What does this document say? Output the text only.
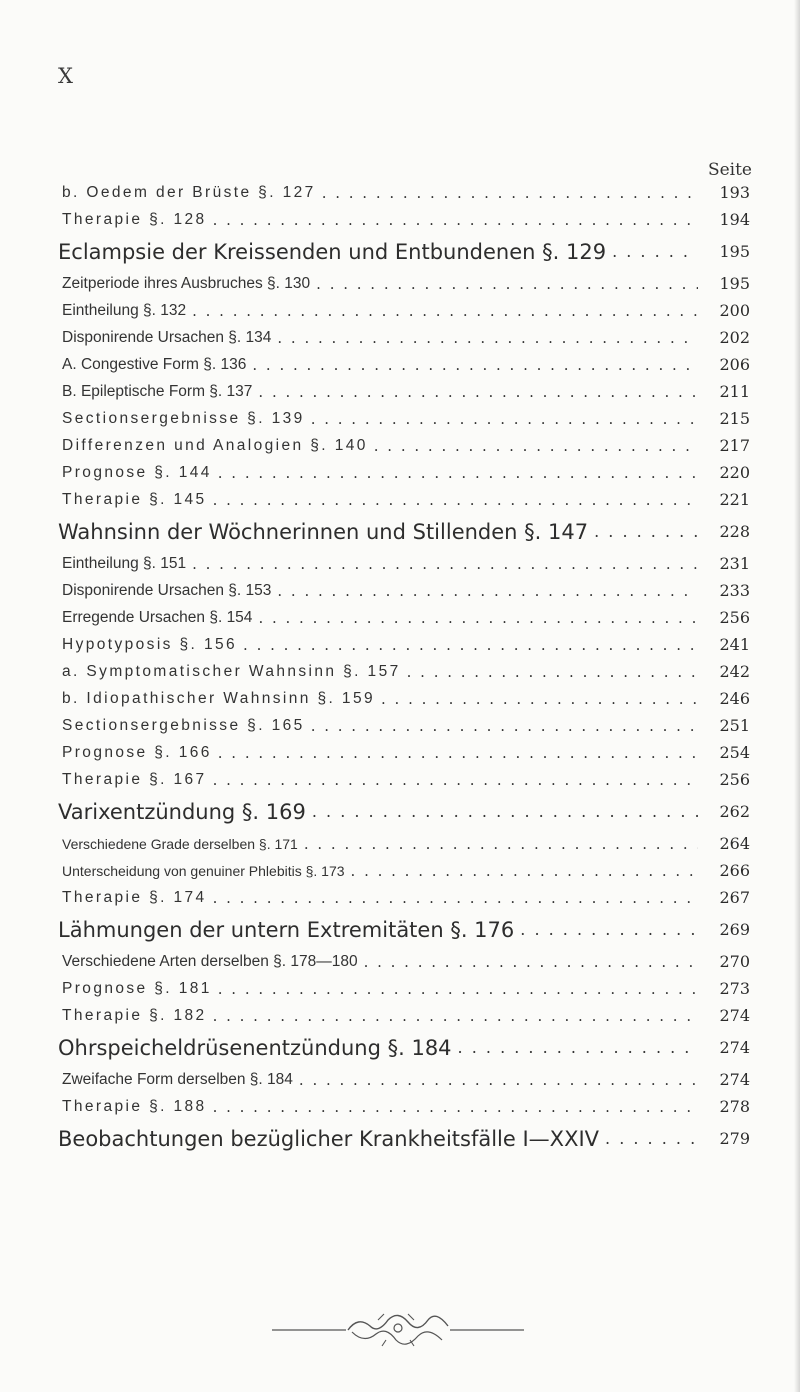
X
Seite
b. Oedem der Brüste §. 127 . . .	193
Therapie §. 128 . . .	194
Eclampsie der Kreissenden und Entbundenen §. 129 . . .	195
Zeitperiode ihres Ausbruches §. 130 . . .	195
Eintheilung §. 132 . . .	200
Disponirende Ursachen §. 134 . . .	202
A. Congestive Form §. 136 . . .	206
B. Epileptische Form §. 137 . . .	211
Sectionsergebnisse §. 139 . . .	215
Differenzen und Analogien §. 140 . . .	217
Prognose §. 144 . . .	220
Therapie §. 145 . . .	221
Wahnsinn der Wöchnerinnen und Stillenden §. 147 . . .	228
Eintheilung §. 151 . . .	231
Disponirende Ursachen §. 153 . . .	233
Erregende Ursachen §. 154 . . .	256
Hypotyposis §. 156 . . .	241
a. Symptomatischer Wahnsinn §. 157 . . .	242
b. Idiopathischer Wahnsinn §. 159 . . .	246
Sectionsergebnisse §. 165 . . .	251
Prognose §. 166 . . .	254
Therapie §. 167 . . .	256
Varixentzündung §. 169 . . .	262
Verschiedene Grade derselben §. 171 . . .	264
Unterscheidung von genuiner Phlebitis §. 173 . . .	266
Therapie §. 174 . . .	267
Lähmungen der untern Extremitäten §. 176 . . .	269
Verschiedene Arten derselben §. 178—180 . . .	270
Prognose §. 181 . . .	273
Therapie §. 182 . . .	274
Ohrspeicheldrüsenentzündung §. 184 . . .	274
Zweifache Form derselben §. 184 . . .	274
Therapie §. 188 . . .	278
Beobachtungen bezüglicher Krankheitsfälle I—XXIV . . .	279
